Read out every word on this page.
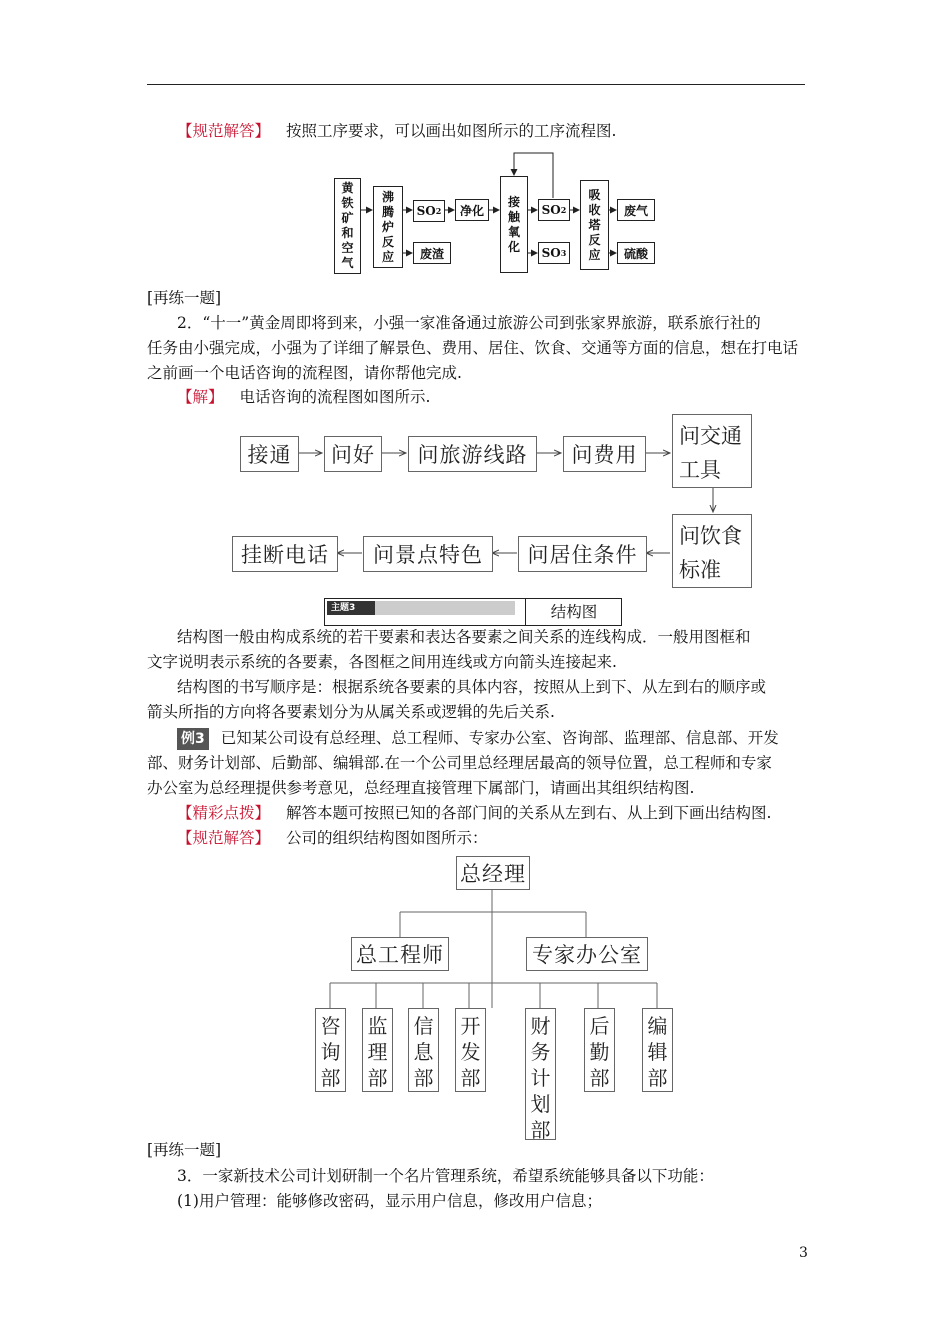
【规范解答】 按照工序要求，可以画出如图所示的工序流程图.
黄
铁
矿
和
空
气
沸
腾
炉
反
应
SO 2	净化
废渣
接
触
氧
化
SO 2
SO 3
吸
收
塔
反
应
废气
硫酸
[再练一题]
2．“十一”黄金周即将到来，小强一家准备通过旅游公司到张家界旅游，联系旅行社的
任务由小强完成，小强为了详细了解景色、费用、居住、饮食、交通等方面的信息，想在打电话
之前画一个电话咨询的流程图，请你帮他完成.
【解】 电话咨询的流程图如图所示.
接通	问好	问旅游线路	问费用
问交通
工具
问饮食
标准
问居住条件
问景点特色
挂断电话
主题3	结构图
结构图一般由构成系统的若干要素和表达各要素之间关系的连线构成．一般用图框和
文字说明表示系统的各要素，各图框之间用连线或方向箭头连接起来.
结构图的书写顺序是：根据系统各要素的具体内容，按照从上到下、从左到右的顺序或
箭头所指的方向将各要素划分为从属关系或逻辑的先后关系.
例3 已知某公司设有总经理、总工程师、专家办公室、咨询部、监理部、信息部、开发
部、财务计划部、后勤部、编辑部.在一个公司里总经理居最高的领导位置，总工程师和专家
办公室为总经理提供参考意见，总经理直接管理下属部门，请画出其组织结构图.
【精彩点拨】 解答本题可按照已知的各部门间的关系从左到右、从上到下画出结构图.
【规范解答】 公司的组织结构图如图所示：
总经理
总工程师	专家办公室
咨
询
部
监
理
部
信
息
部
开
发
部
财
务
计
划
部
后
勤
部
编
辑
部
[再练一题]
3．一家新技术公司计划研制一个名片管理系统，希望系统能够具备以下功能：
(1)用户管理：能够修改密码，显示用户信息，修改用户信息；
3
